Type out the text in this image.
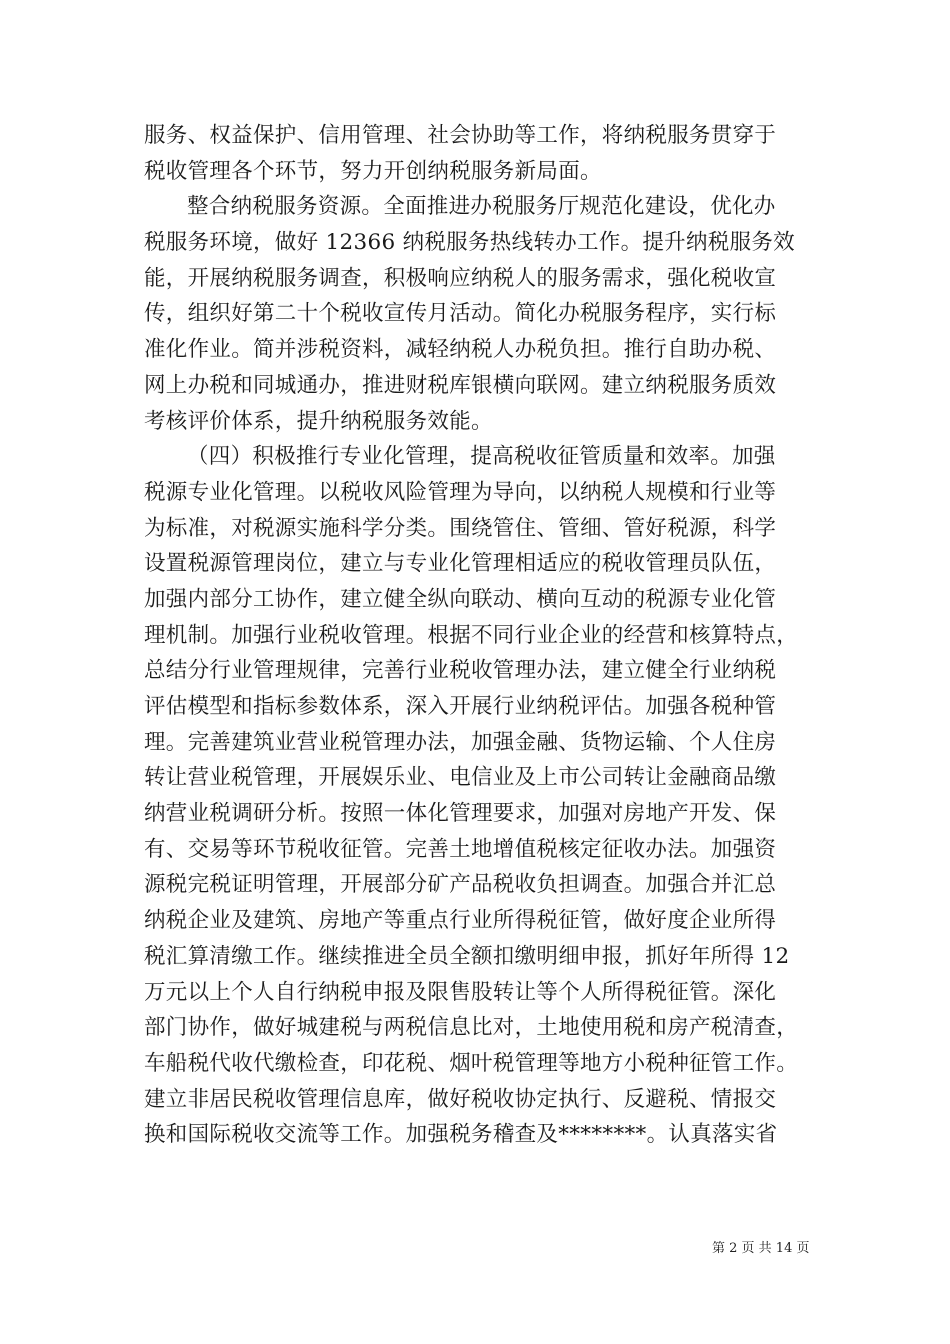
服务、权益保护、信用管理、社会协助等工作，将纳税服务贯穿于
税收管理各个环节，努力开创纳税服务新局面。
整合纳税服务资源。全面推进办税服务厅规范化建设，优化办
税服务环境，做好 12366 纳税服务热线转办工作。提升纳税服务效
能，开展纳税服务调查，积极响应纳税人的服务需求，强化税收宣
传，组织好第二十个税收宣传月活动。简化办税服务程序，实行标
准化作业。简并涉税资料，减轻纳税人办税负担。推行自助办税、
网上办税和同城通办，推进财税库银横向联网。建立纳税服务质效
考核评价体系，提升纳税服务效能。
（四）积极推行专业化管理，提高税收征管质量和效率。加强
税源专业化管理。以税收风险管理为导向，以纳税人规模和行业等
为标准，对税源实施科学分类。围绕管住、管细、管好税源，科学
设置税源管理岗位，建立与专业化管理相适应的税收管理员队伍，
加强内部分工协作，建立健全纵向联动、横向互动的税源专业化管
理机制。加强行业税收管理。根据不同行业企业的经营和核算特点，
总结分行业管理规律，完善行业税收管理办法，建立健全行业纳税
评估模型和指标参数体系，深入开展行业纳税评估。加强各税种管
理。完善建筑业营业税管理办法，加强金融、货物运输、个人住房
转让营业税管理，开展娱乐业、电信业及上市公司转让金融商品缴
纳营业税调研分析。按照一体化管理要求，加强对房地产开发、保
有、交易等环节税收征管。完善土地增值税核定征收办法。加强资
源税完税证明管理，开展部分矿产品税收负担调查。加强合并汇总
纳税企业及建筑、房地产等重点行业所得税征管，做好度企业所得
税汇算清缴工作。继续推进全员全额扣缴明细申报，抓好年所得 12
万元以上个人自行纳税申报及限售股转让等个人所得税征管。深化
部门协作，做好城建税与两税信息比对，土地使用税和房产税清查，
车船税代收代缴检查，印花税、烟叶税管理等地方小税种征管工作。
建立非居民税收管理信息库，做好税收协定执行、反避税、情报交
换和国际税收交流等工作。加强税务稽查及********。认真落实省
第 2 页 共 14 页
